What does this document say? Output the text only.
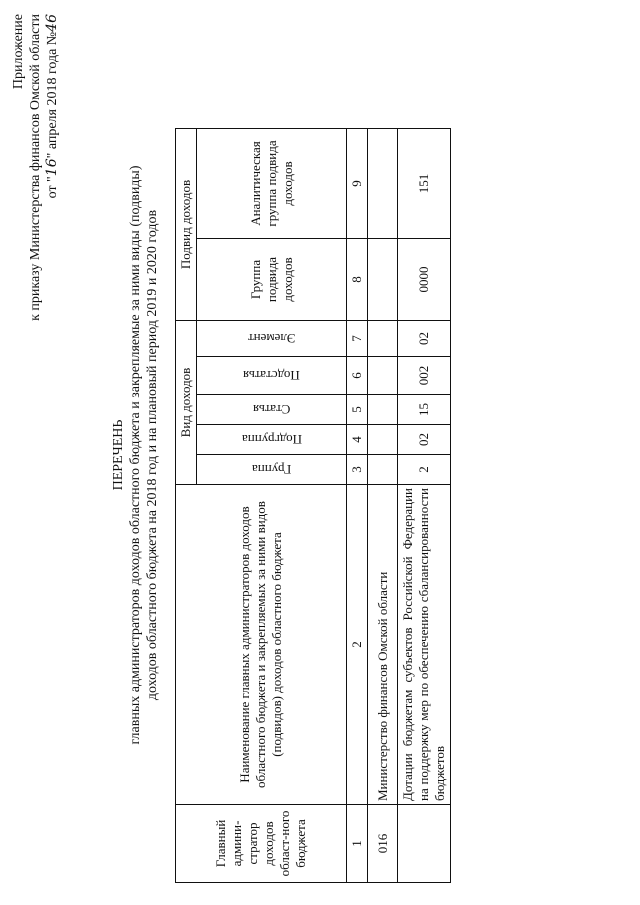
Приложение к приказу Министерства финансов Омской области от "16" апреля 2018 года №46
ПЕРЕЧЕНЬ главных администраторов доходов областного бюджета и закрепляемые за ними виды (подвиды) доходов областного бюджета на 2018 год и на плановый период 2019 и 2020 годов
Главный админи-стратор доходов област-ного бюджета	Наименование главных администраторов доходов областного бюджета и закрепляемых за ними видов (подвидов) доходов областного бюджета	Вид доходов					Подвид доходов	

		Группа	Подгруппа	Статья	Подстатья	Элемент	Группа подвида доходов	Аналитическая группа подвида доходов
1	2	3	4	5	6	7	8	9
016	Министерство финансов Омской области							
	Дотации бюджетам субъектов Российской Федерации на поддержку мер по обеспечению сбалансированности бюджетов	2	02	15	002	02	0000	151
